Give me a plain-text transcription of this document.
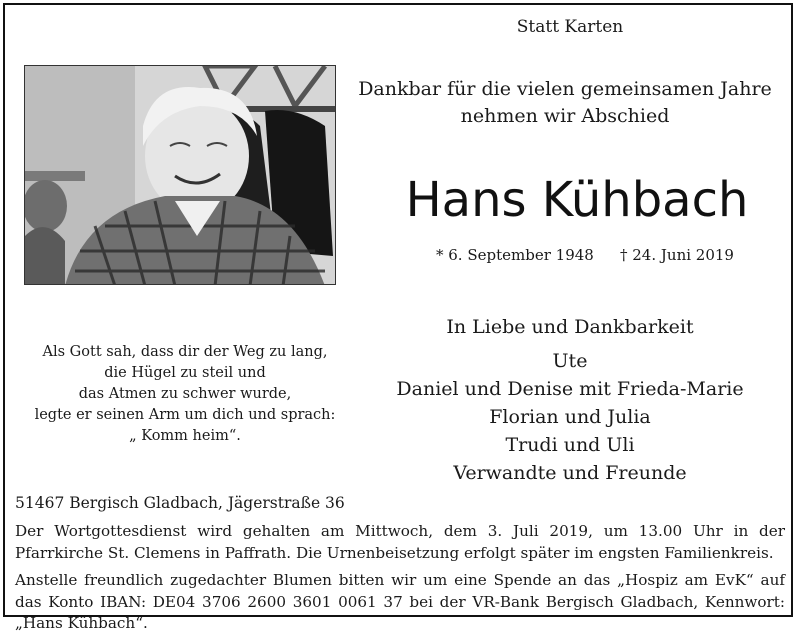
Statt Karten
Dankbar für die vielen gemeinsamen Jahre
nehmen wir Abschied
Hans Kühbach
* 6. September 1948 † 24. Juni 2019
Als Gott sah, dass dir der Weg zu lang,
die Hügel zu steil und
das Atmen zu schwer wurde,
legte er seinen Arm um dich und sprach:
„ Komm heim“.
In Liebe und Dankbarkeit
Ute
Daniel und Denise mit Frieda-Marie
Florian und Julia
Trudi und Uli
Verwandte und Freunde
51467 Bergisch Gladbach, Jägerstraße 36
Der Wortgottesdienst wird gehalten am Mittwoch, dem 3. Juli 2019, um 13.00 Uhr in der Pfarrkirche St. Clemens in Paffrath. Die Urnenbeisetzung erfolgt später im engsten Familienkreis.
Anstelle freundlich zugedachter Blumen bitten wir um eine Spende an das „Hospiz am EvK“ auf das Konto IBAN: DE04 3706 2600 3601 0061 37 bei der VR-Bank Bergisch Gladbach, Kennwort: „Hans Kühbach“.
